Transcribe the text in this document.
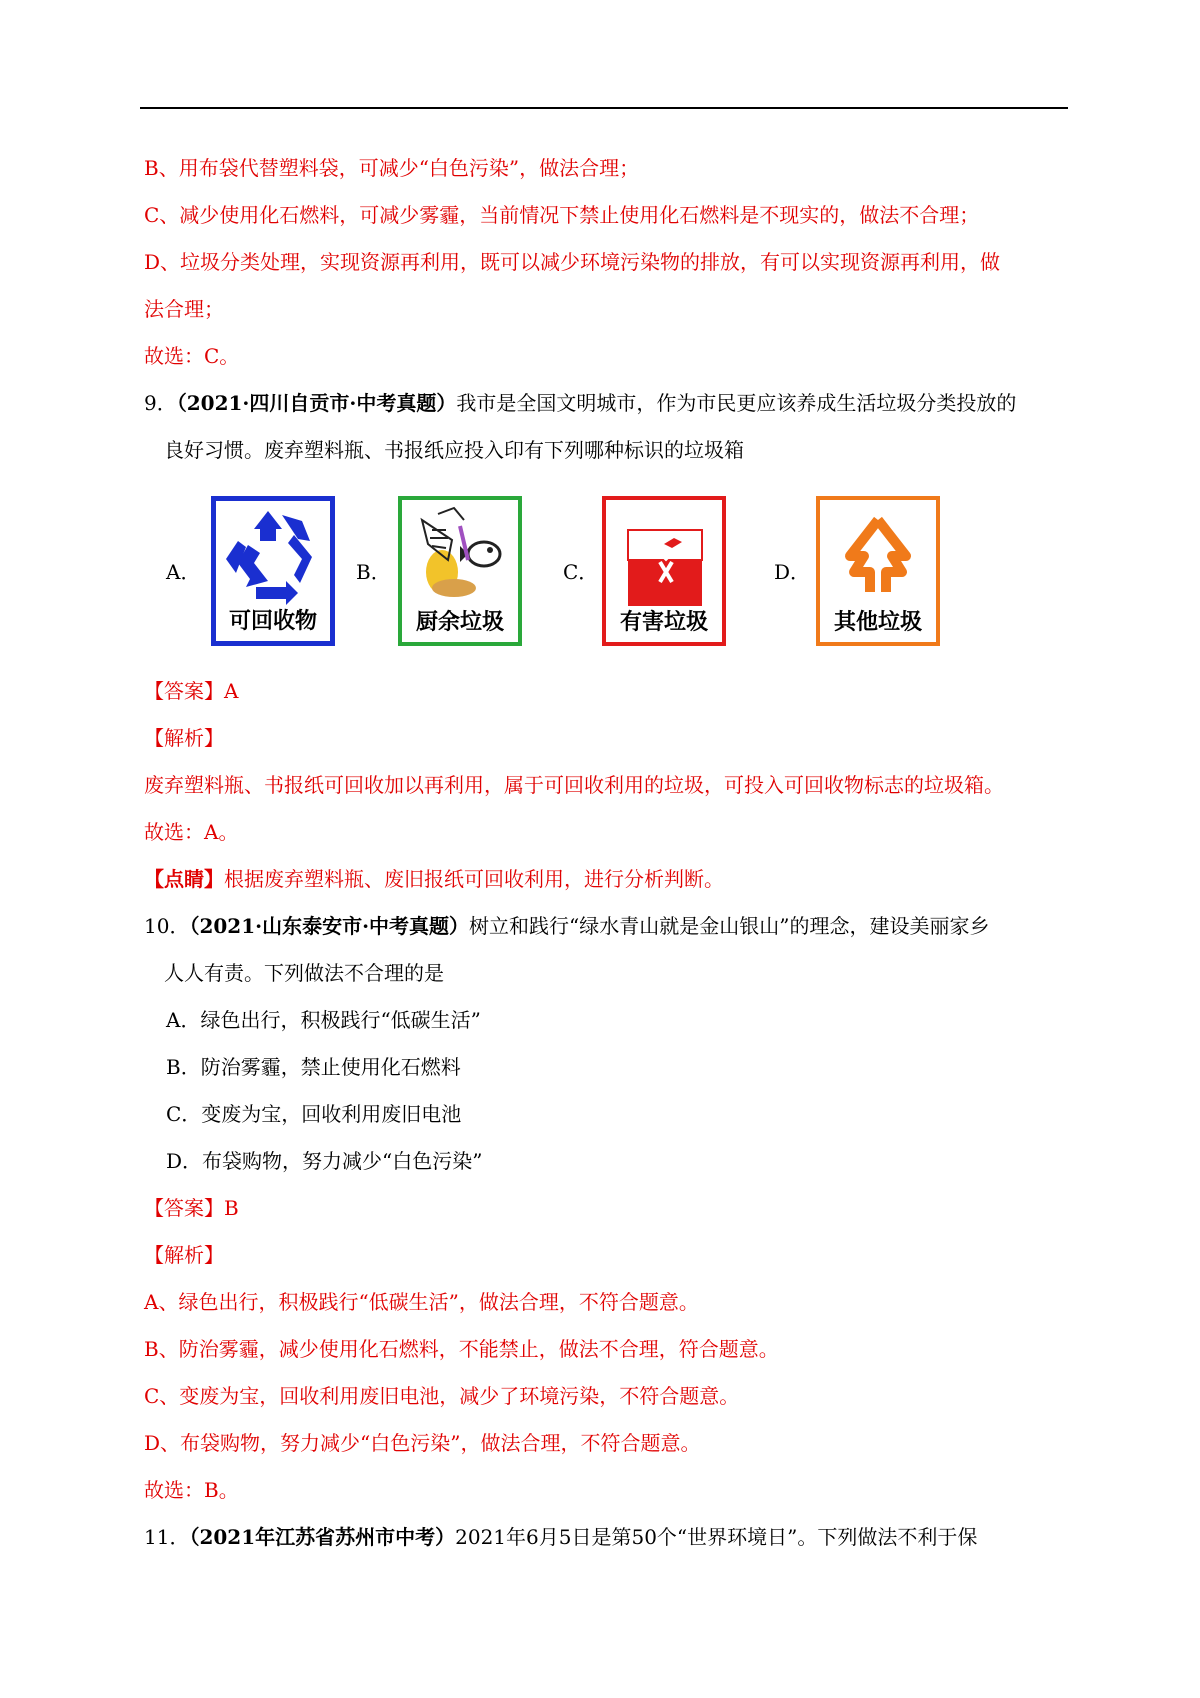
B、用布袋代替塑料袋，可减少“白色污染”，做法合理；
C、减少使用化石燃料，可减少雾霾，当前情况下禁止使用化石燃料是不现实的，做法不合理；
D、垃圾分类处理，实现资源再利用，既可以减少环境污染物的排放，有可以实现资源再利用，做
法合理；
故选：C。
9．（2021·四川自贡市·中考真题）我市是全国文明城市，作为市民更应该养成生活垃圾分类投放的
良好习惯。废弃塑料瓶、书报纸应投入印有下列哪种标识的垃圾箱
A．
可回收物
B．
厨余垃圾
C．
有害垃圾
D．
其他垃圾
【答案】A
【解析】
废弃塑料瓶、书报纸可回收加以再利用，属于可回收利用的垃圾，可投入可回收物标志的垃圾箱。
故选：A。
【点睛】根据废弃塑料瓶、废旧报纸可回收利用，进行分析判断。
10．（2021·山东泰安市·中考真题）树立和践行“绿水青山就是金山银山”的理念，建设美丽家乡
人人有责。下列做法不合理的是
A．绿色出行，积极践行“低碳生活”
B．防治雾霾，禁止使用化石燃料
C．变废为宝，回收利用废旧电池
D．布袋购物，努力减少“白色污染”
【答案】B
【解析】
A、绿色出行，积极践行“低碳生活”，做法合理，不符合题意。
B、防治雾霾，减少使用化石燃料，不能禁止，做法不合理，符合题意。
C、变废为宝，回收利用废旧电池，减少了环境污染，不符合题意。
D、布袋购物，努力减少“白色污染”，做法合理，不符合题意。
故选：B。
11．（2021年江苏省苏州市中考）2021年6月5日是第50个“世界环境日”。下列做法不利于保
